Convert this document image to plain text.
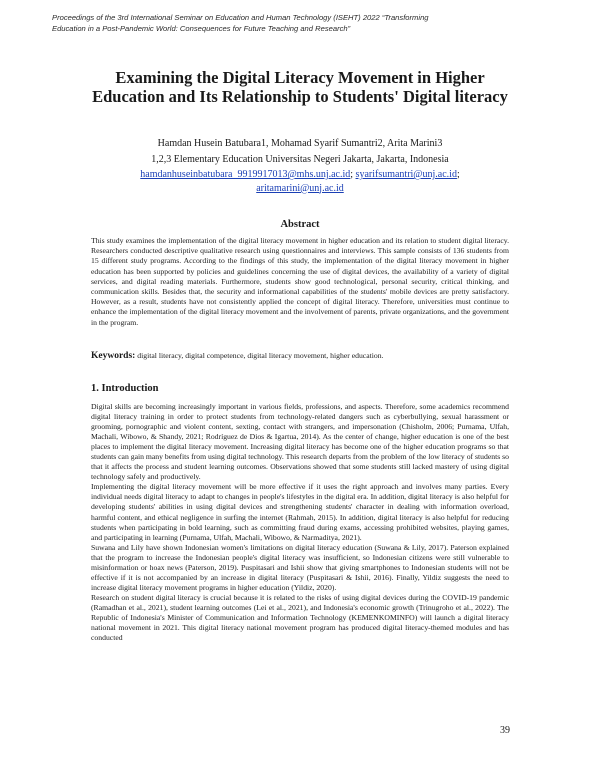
Proceedings of the 3rd International Seminar on Education and Human Technology (ISEHT) 2022 “Transforming
Education in a Post-Pandemic World: Consequences for Future Teaching and Research”
Examining the Digital Literacy Movement in Higher Education and Its Relationship to Students' Digital literacy
Hamdan Husein Batubara1, Mohamad Syarif Sumantri2, Arita Marini3
1,2,3 Elementary Education Universitas Negeri Jakarta, Jakarta, Indonesia
hamdanhuseinbatubara_9919917013@mhs.unj.ac.id; syarifsumantri@unj.ac.id;
aritamarini@unj.ac.id
Abstract
This study examines the implementation of the digital literacy movement in higher education and its relation to student digital literacy. Researchers conducted descriptive qualitative research using questionnaires and interviews. This sample consists of 136 students from 15 different study programs. According to the findings of this study, the implementation of the digital literacy movement in higher education has been supported by policies and guidelines concerning the use of digital devices, the availability of a variety of digital services, and digital reading materials. Furthermore, students show good technological, personal security, critical thinking, and communication skills. Besides that, the security and informational capabilities of the students' mobile devices are pretty satisfactory. However, as a result, students have not consistently applied the concept of digital literacy. Therefore, universities must continue to enhance the implementation of the digital literacy movement and the involvement of parents, private organizations, and the government in the program.
Keywords: digital literacy, digital competence, digital literacy movement, higher education.
1. Introduction

Digital skills are becoming increasingly important in various fields, professions, and aspects. Therefore, some academics recommend digital literacy training in order to protect students from technology-related dangers such as cyberbullying, sexual harassment or grooming, pornographic and violent content, sexting, contact with strangers, and impersonation (Chisholm, 2006; Purnama, Ulfah, Machali, Wibowo, & Shandy, 2021; Rodríguez de Dios & Igartua, 2014). As the center of change, higher education is one of the best places to implement the digital literacy movement. Increasing digital literacy has become one of the higher education programs so that students can gain many benefits from using digital technology. This research departs from the problem of the low literacy of students so that it affects the process and student learning outcomes. Observations showed that some students still lacked mastery of using digital technology safely and productively.

Implementing the digital literacy movement will be more effective if it uses the right approach and involves many parties. Every individual needs digital literacy to adapt to changes in people's lifestyles in the digital era. In addition, digital literacy is also helpful for developing students' abilities in using digital devices and strengthening students' character in dealing with information overload, harmful content, and ethical negligence in surfing the internet (Rahmah, 2015). In addition, digital literacy is also helpful for reducing students when participating in bold learning, such as committing fraud during exams, accessing prohibited websites, playing games, and participating in learning (Purnama, Ulfah, Machali, Wibowo, & Narmaditya, 2021).

Suwana and Lily have shown Indonesian women's limitations on digital literacy education (Suwana & Lily, 2017). Paterson explained that the program to increase the Indonesian people's digital literacy was insufficient, so Indonesian citizens were still vulnerable to misinformation or hoax news (Paterson, 2019). Puspitasari and Ishii show that giving smartphones to Indonesian students will not be effective if it is not accompanied by an increase in digital literacy (Puspitasari & Ishii, 2016). Finally, Yildiz suggests the need to increase digital literacy movement programs in higher education (Yildiz, 2020).

Research on student digital literacy is crucial because it is related to the risks of using digital devices during the COVID-19 pandemic (Ramadhan et al., 2021), student learning outcomes (Lei et al., 2021), and Indonesia's economic growth (Trinugroho et al., 2022). The Republic of Indonesia's Minister of Communication and Information Technology (KEMENKOMINFO) will launch a digital literacy national movement in 2021. This digital literacy national movement program has produced digital literacy-themed modules and has conducted

39
